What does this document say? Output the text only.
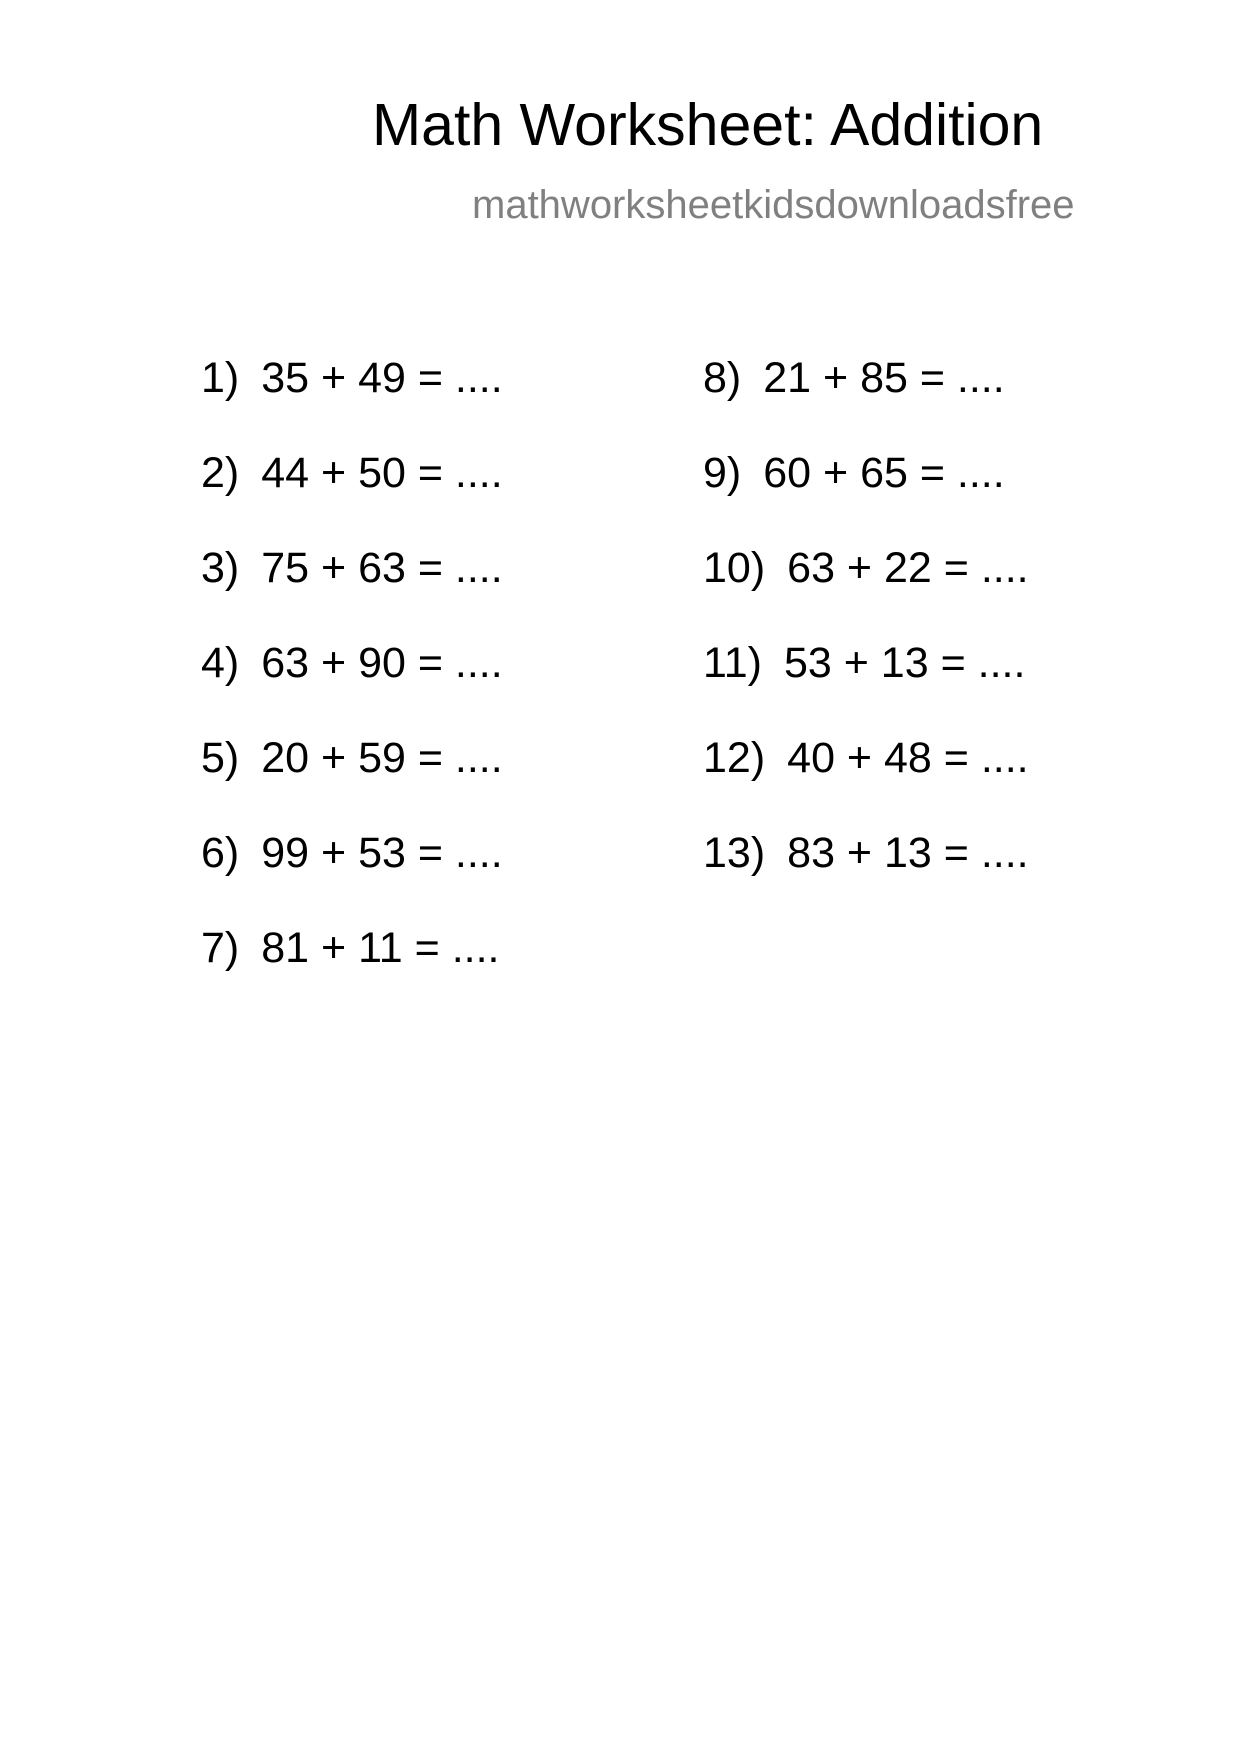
Math Worksheet: Addition
mathworksheetkidsdownloadsfree
1) 35 + 49 = ....
2) 44 + 50 = ....
3) 75 + 63 = ....
4) 63 + 90 = ....
5) 20 + 59 = ....
6) 99 + 53 = ....
7) 81 + 11 = ....
8) 21 + 85 = ....
9) 60 + 65 = ....
10) 63 + 22 = ....
11) 53 + 13 = ....
12) 40 + 48 = ....
13) 83 + 13 = ....
